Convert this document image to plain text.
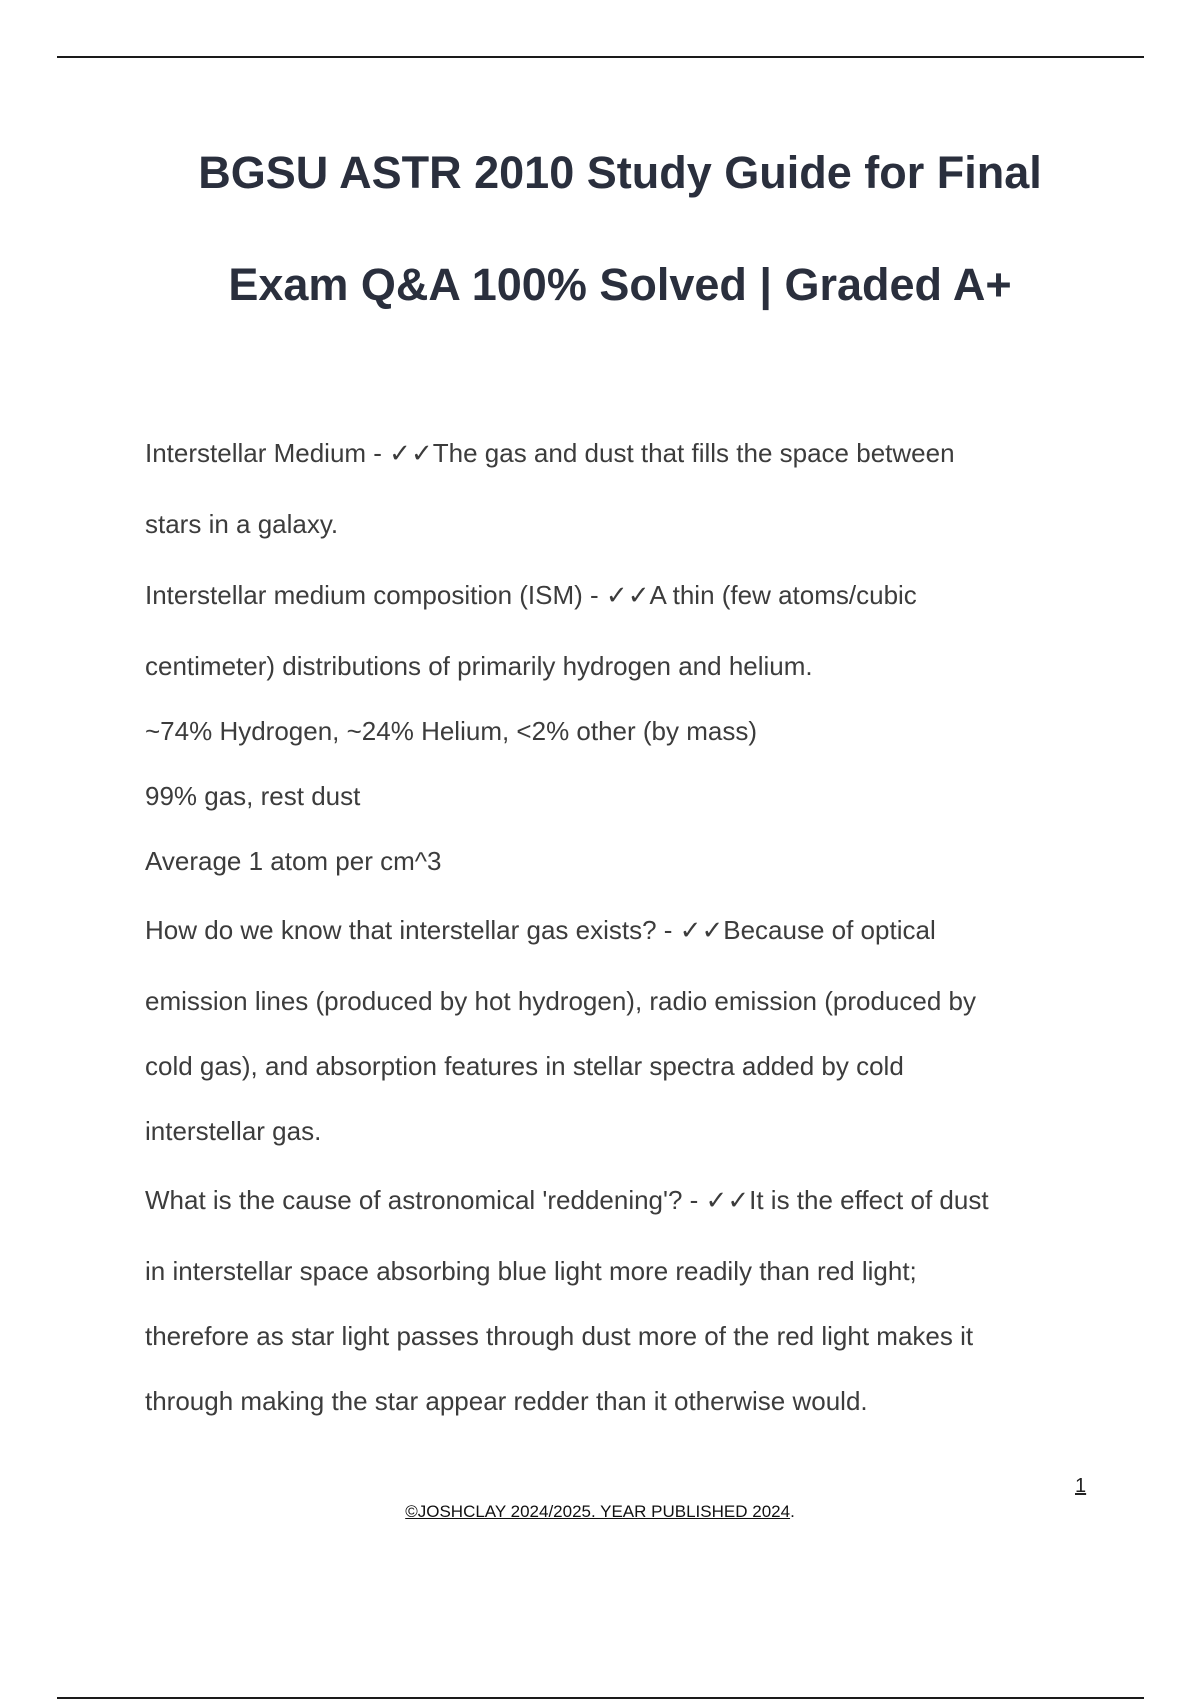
BGSU ASTR 2010 Study Guide for Final
Exam Q&A 100% Solved | Graded A+
Interstellar Medium - ✓✓The gas and dust that fills the space between
stars in a galaxy.
Interstellar medium composition (ISM) - ✓✓A thin (few atoms/cubic
centimeter) distributions of primarily hydrogen and helium.
~74% Hydrogen, ~24% Helium, <2% other (by mass)
99% gas, rest dust
Average 1 atom per cm^3
How do we know that interstellar gas exists? - ✓✓Because of optical
emission lines (produced by hot hydrogen), radio emission (produced by
cold gas), and absorption features in stellar spectra added by cold
interstellar gas.
What is the cause of astronomical 'reddening'? - ✓✓It is the effect of dust
in interstellar space absorbing blue light more readily than red light;
therefore as star light passes through dust more of the red light makes it
through making the star appear redder than it otherwise would.
1
©JOSHCLAY 2024/2025. YEAR PUBLISHED 2024.
